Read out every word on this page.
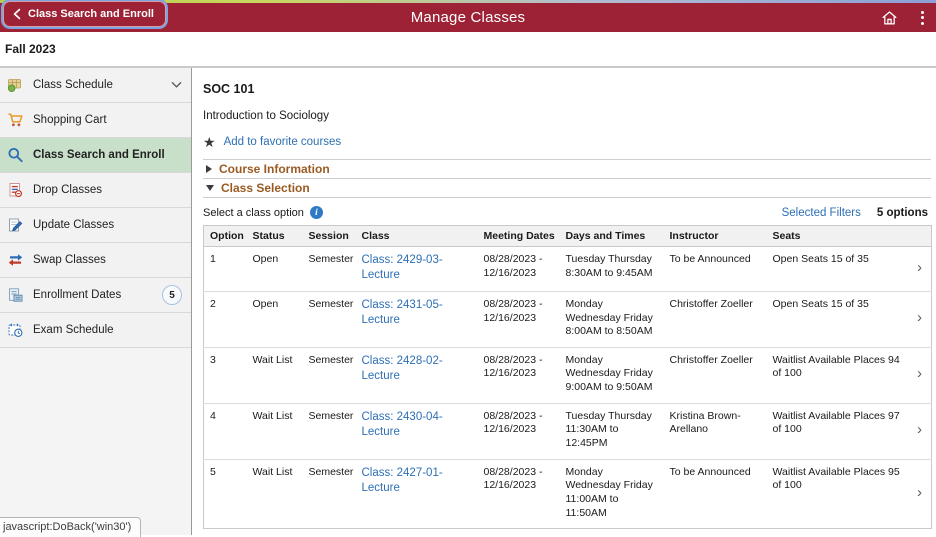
Class Search and Enroll	Manage Classes
Fall 2023
Class Schedule
Shopping Cart
Class Search and Enroll
Drop Classes
Update Classes
Swap Classes
Enrollment Dates	5
Exam Schedule
SOC 101
Introduction to Sociology
★ Add to favorite courses
Course Information
Class Selection
Select a class option	i	Selected Filters 5 options
Option	Status	Session	Class	Meeting Dates	Days and Times	Instructor	Seats	
1	Open	Semester	Class: 2429-03-Lecture	08/28/2023 - 12/16/2023	Tuesday Thursday
8:30AM to 9:45AM	To be Announced	Open Seats 15 of 35	›
2	Open	Semester	Class: 2431-05-Lecture	08/28/2023 - 12/16/2023	Monday Wednesday Friday
8:00AM to 8:50AM	Christoffer Zoeller	Open Seats 15 of 35	›
3	Wait List	Semester	Class: 2428-02-Lecture	08/28/2023 - 12/16/2023	Monday Wednesday Friday
9:00AM to 9:50AM	Christoffer Zoeller	Waitlist Available Places 94 of 100	›
4	Wait List	Semester	Class: 2430-04-Lecture	08/28/2023 - 12/16/2023	Tuesday Thursday
11:30AM to 12:45PM	Kristina Brown-Arellano	Waitlist Available Places 97 of 100	›
5	Wait List	Semester	Class: 2427-01-Lecture	08/28/2023 - 12/16/2023	Monday Wednesday Friday
11:00AM to 11:50AM	To be Announced	Waitlist Available Places 95 of 100	›
javascript:DoBack('win30')
